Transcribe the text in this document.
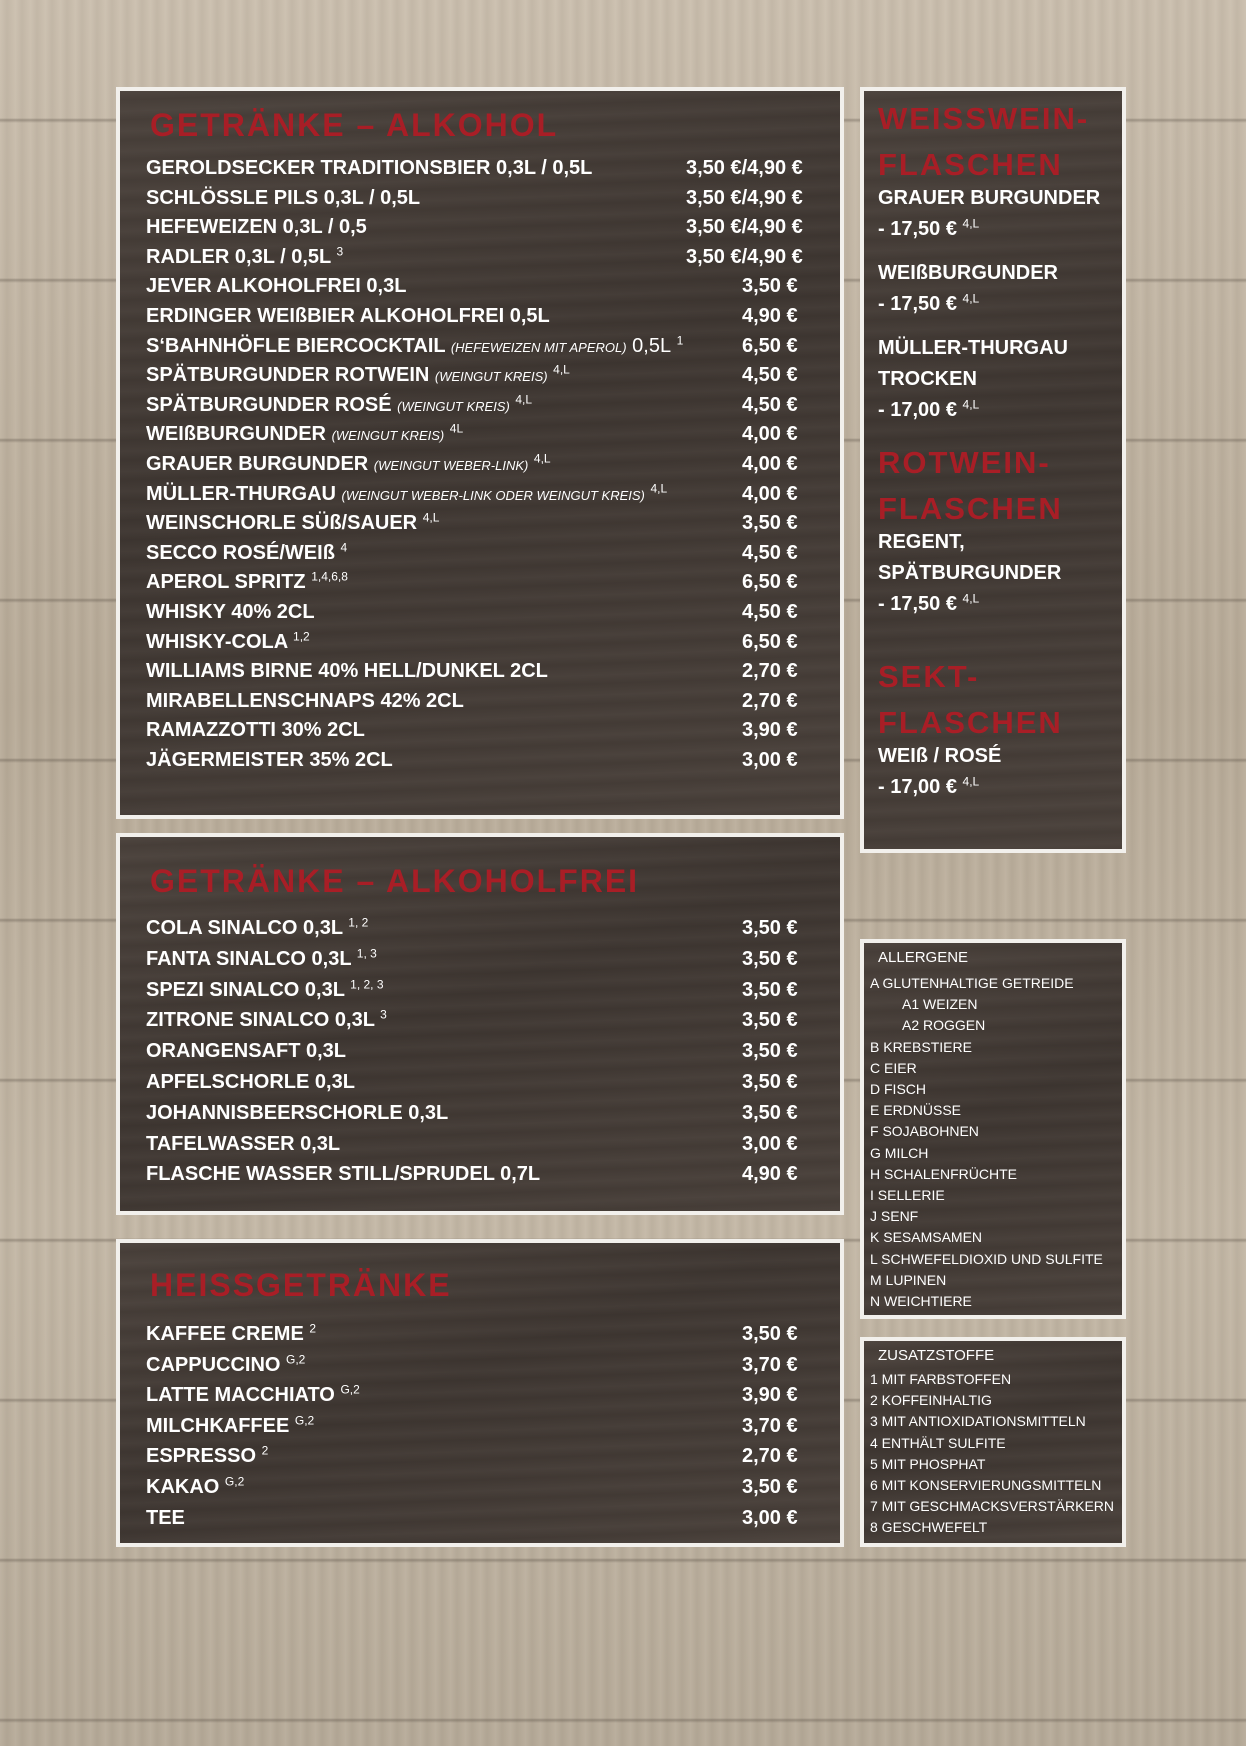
GETRÄNKE – ALKOHOL
GEROLDSECKER TRADITIONSBIER 0,3L / 0,5L	3,50 €/4,90 €
SCHLÖSSLE PILS 0,3L / 0,5L	3,50 €/4,90 €
HEFEWEIZEN 0,3L / 0,5	3,50 €/4,90 €
RADLER 0,3L / 0,5L $^3$	3,50 €/4,90 €
JEVER ALKOHOLFREI 0,3L	3,50 €
ERDINGER WEIßBIER ALKOHOLFREI 0,5L	4,90 €
S‘BAHNHÖFLE BIERCOCKTAIL (HEFEWEIZEN MIT APEROL) 0,5L $^1$	6,50 €
SPÄTBURGUNDER ROTWEIN (WEINGUT KREIS) $^{4,L}$	4,50 €
SPÄTBURGUNDER ROSÉ (WEINGUT KREIS) $^{4,L}$	4,50 €
WEIßBURGUNDER (WEINGUT KREIS) $^{4L}$	4,00 €
GRAUER BURGUNDER (WEINGUT WEBER-LINK) $^{4,L}$	4,00 €
MÜLLER-THURGAU (WEINGUT WEBER-LINK ODER WEINGUT KREIS) $^{4,L}$	4,00 €
WEINSCHORLE SÜß/SAUER $^{4,L}$	3,50 €
SECCO ROSÉ/WEIß $^4$	4,50 €
APEROL SPRITZ $^{1,4,6,8}$	6,50 €
WHISKY 40% 2CL	4,50 €
WHISKY-COLA $^{1,2}$	6,50 €
WILLIAMS BIRNE 40% HELL/DUNKEL 2CL	2,70 €
MIRABELLENSCHNAPS 42% 2CL	2,70 €
RAMAZZOTTI 30% 2CL	3,90 €
JÄGERMEISTER 35% 2CL	3,00 €
GETRÄNKE – ALKOHOLFREI
COLA SINALCO 0,3L $^{1, 2}$	3,50 €
FANTA SINALCO 0,3L $^{1, 3}$	3,50 €
SPEZI SINALCO 0,3L $^{1, 2, 3}$	3,50 €
ZITRONE SINALCO 0,3L $^3$	3,50 €
ORANGENSAFT 0,3L	3,50 €
APFELSCHORLE 0,3L	3,50 €
JOHANNISBEERSCHORLE 0,3L	3,50 €
TAFELWASSER 0,3L	3,00 €
FLASCHE WASSER STILL/SPRUDEL 0,7L	4,90 €
HEISSGETRÄNKE
KAFFEE CREME $^2$	3,50 €
CAPPUCCINO $^{G,2}$	3,70 €
LATTE MACCHIATO $^{G,2}$	3,90 €
MILCHKAFFEE $^{G,2}$	3,70 €
ESPRESSO $^2$	2,70 €
KAKAO $^{G,2}$	3,50 €
TEE	3,00 €
WEISSWEIN-
FLASCHEN
GRAUER BURGUNDER
- 17,50 € $^{4,L}$
WEIßBURGUNDER
- 17,50 € $^{4,L}$
MÜLLER-THURGAU
TROCKEN
- 17,00 € $^{4,L}$
ROTWEIN-
FLASCHEN
REGENT,
SPÄTBURGUNDER
- 17,50 € $^{4,L}$
SEKT-
FLASCHEN
WEIß / ROSÉ
- 17,00 € $^{4,L}$
ALLERGENE
A GLUTENHALTIGE GETREIDE
A1 WEIZEN
A2 ROGGEN
B KREBSTIERE
C EIER
D FISCH
E ERDNÜSSE
F SOJABOHNEN
G MILCH
H SCHALENFRÜCHTE
I SELLERIE
J SENF
K SESAMSAMEN
L SCHWEFELDIOXID UND SULFITE
M LUPINEN
N WEICHTIERE
ZUSATZSTOFFE
1 MIT FARBSTOFFEN
2 KOFFEINHALTIG
3 MIT ANTIOXIDATIONSMITTELN
4 ENTHÄLT SULFITE
5 MIT PHOSPHAT
6 MIT KONSERVIERUNGSMITTELN
7 MIT GESCHMACKSVERSTÄRKERN
8 GESCHWEFELT
